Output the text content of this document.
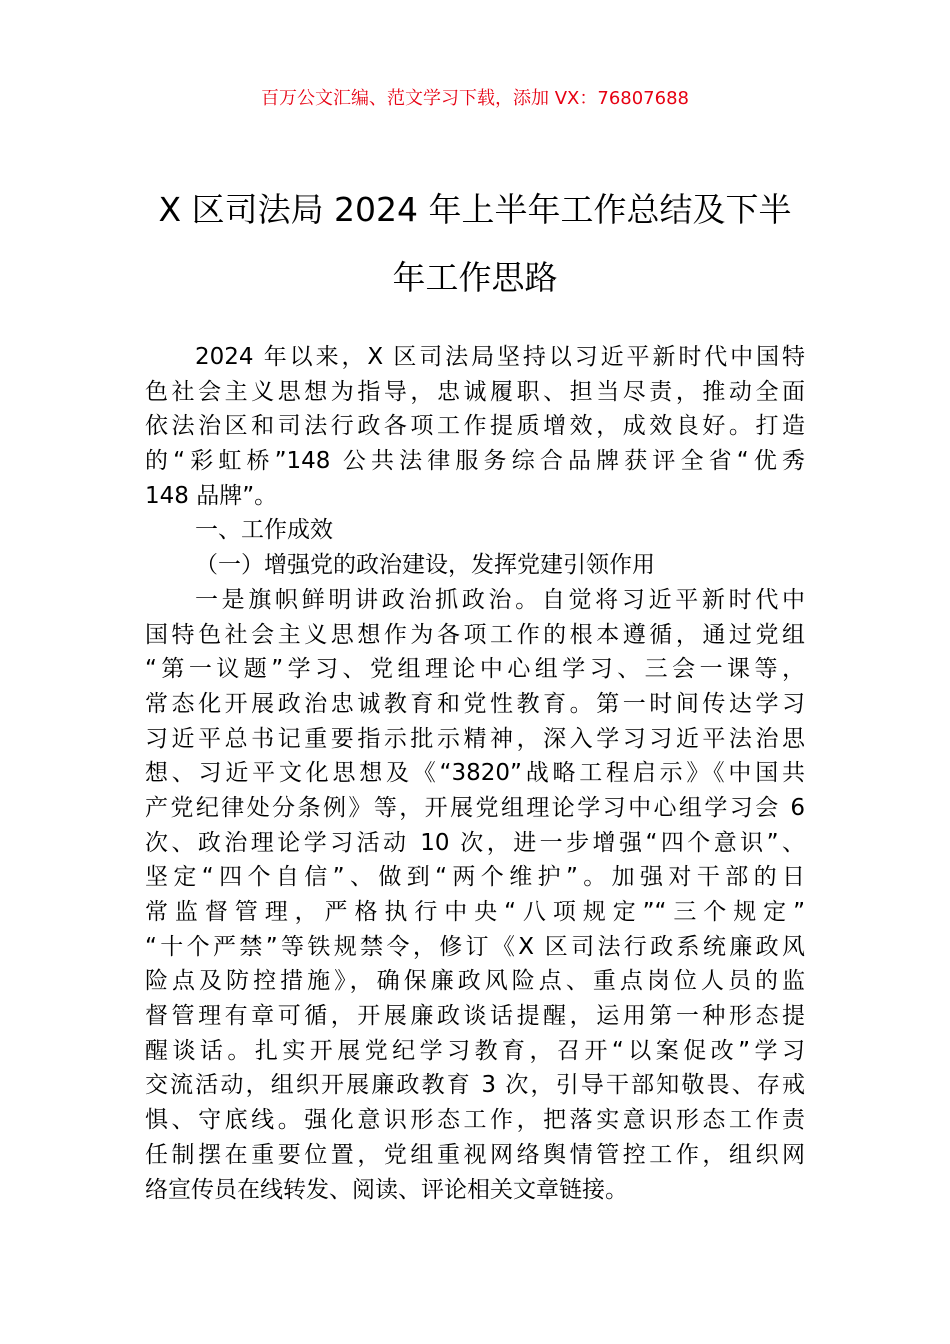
百万公文汇编、范文学习下载，添加 VX：76807688
X 区司法局 2024 年上半年工作总结及下半
年工作思路
2024 年以来，X 区司法局坚持以习近平新时代中国特
色社会主义思想为指导，忠诚履职、担当尽责，推动全面
依法治区和司法行政各项工作提质增效，成效良好。打造
的“彩虹桥”148 公共法律服务综合品牌获评全省“优秀
148 品牌”。
一、工作成效
（一）增强党的政治建设，发挥党建引领作用
一是旗帜鲜明讲政治抓政治。自觉将习近平新时代中
国特色社会主义思想作为各项工作的根本遵循，通过党组
“第一议题”学习、党组理论中心组学习、三会一课等，
常态化开展政治忠诚教育和党性教育。第一时间传达学习
习近平总书记重要指示批示精神，深入学习习近平法治思
想、习近平文化思想及《“3820”战略工程启示》《中国共
产党纪律处分条例》等，开展党组理论学习中心组学习会 6
次、政治理论学习活动 10 次，进一步增强“四个意识”、
坚定“四个自信”、做到“两个维护”。加强对干部的日
常监督管理，严格执行中央“八项规定”“三个规定”
“十个严禁”等铁规禁令，修订《X 区司法行政系统廉政风
险点及防控措施》，确保廉政风险点、重点岗位人员的监
督管理有章可循，开展廉政谈话提醒，运用第一种形态提
醒谈话。扎实开展党纪学习教育，召开“以案促改”学习
交流活动，组织开展廉政教育 3 次，引导干部知敬畏、存戒
惧、守底线。强化意识形态工作，把落实意识形态工作责
任制摆在重要位置，党组重视网络舆情管控工作，组织网
络宣传员在线转发、阅读、评论相关文章链接。
